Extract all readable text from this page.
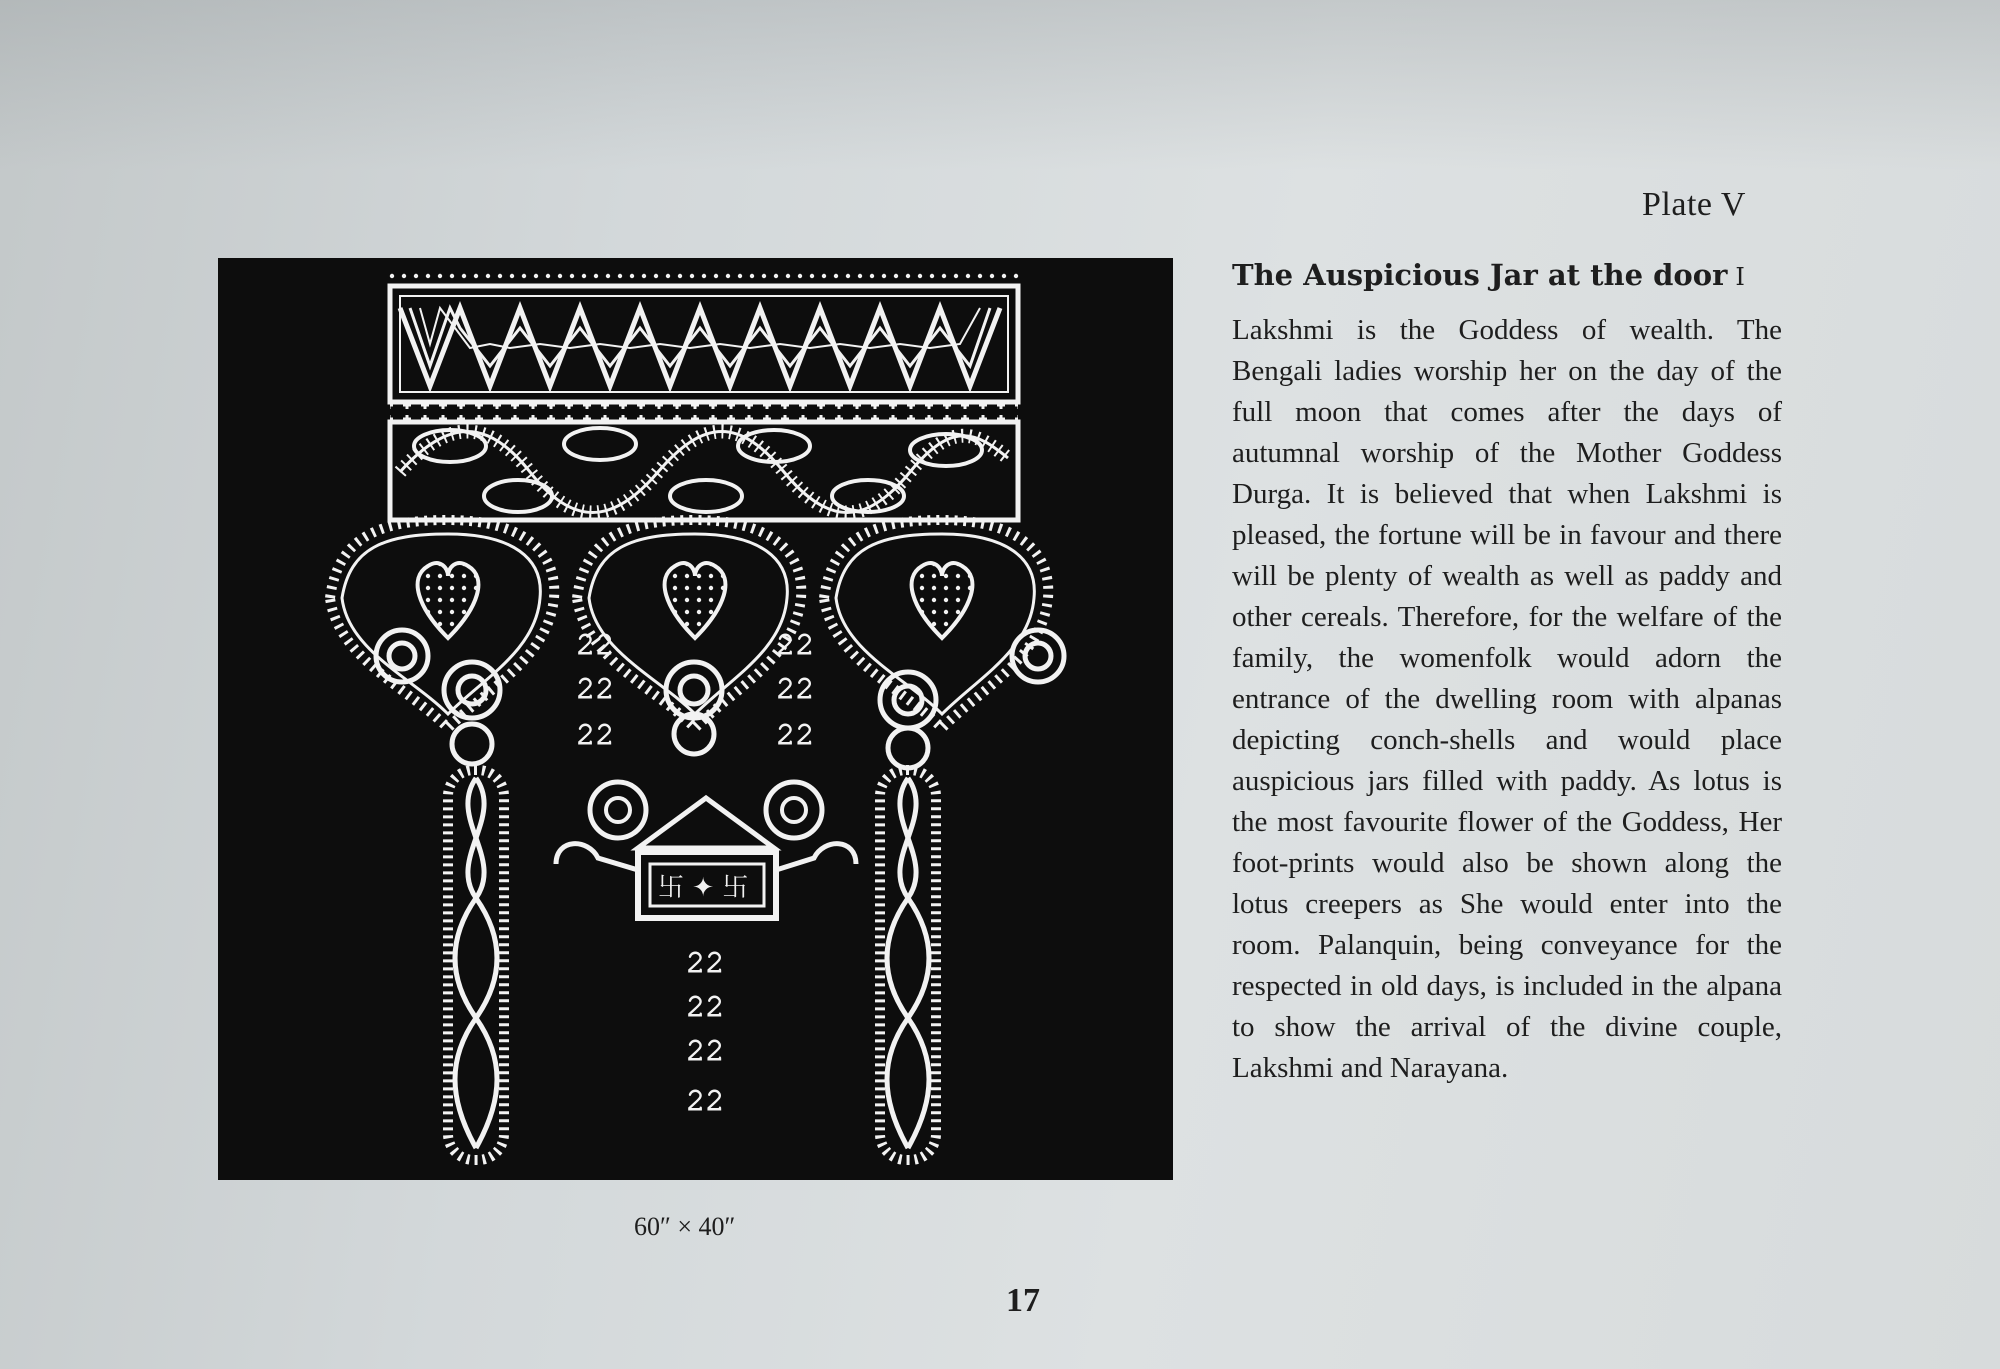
Plate V
The Auspicious Jar at the door I
Lakshmi is the Goddess of wealth. The Bengali ladies worship her on the day of the full moon that comes after the days of autumnal worship of the Mother Goddess Durga. It is believed that when Lakshmi is pleased, the fortune will be in favour and there will be plenty of wealth as well as paddy and other cereals. Therefore, for the welfare of the family, the womenfolk would adorn the entrance of the dwelling room with alpanas depicting conch-shells and would place auspicious jars filled with paddy. As lotus is the most favourite flower of the Goddess, Her foot-prints would also be shown along the lotus creepers as She would enter into the room. Palanquin, being conveyance for the respected in old days, is included in the alpana to show the arrival of the divine couple, Lakshmi and Narayana.
𝟸𝟸
𝟸𝟸
𝟸𝟸
𝟸𝟸
𝟸𝟸
𝟸𝟸
𝟸𝟸
𝟸𝟸
𝟸𝟸
𝟸𝟸
卐 ✦ 卐
60″ × 40″
17
